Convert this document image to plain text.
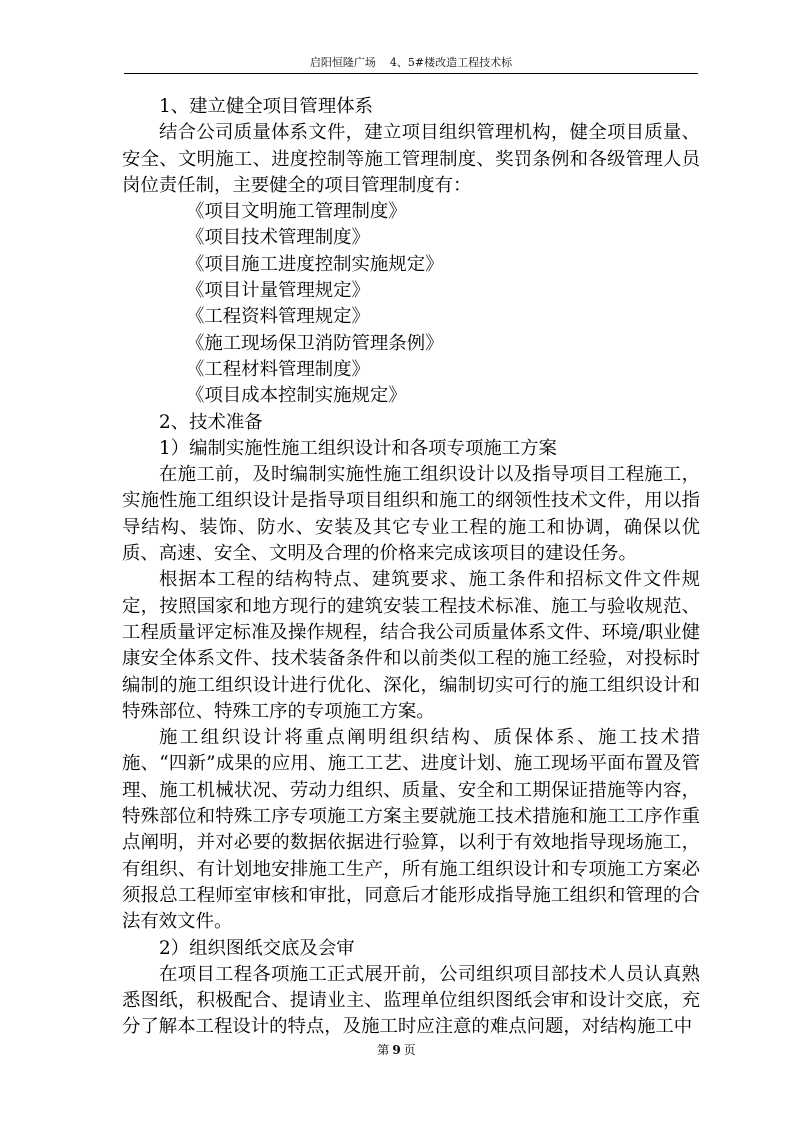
启阳恒隆广场 4、5#楼改造工程技术标

1、建立健全项目管理体系

结合公司质量体系文件，建立项目组织管理机构，健全项目质量、安全、文明施工、进度控制等施工管理制度、奖罚条例和各级管理人员岗位责任制，主要健全的项目管理制度有：

《项目文明施工管理制度》

《项目技术管理制度》

《项目施工进度控制实施规定》

《项目计量管理规定》

《工程资料管理规定》

《施工现场保卫消防管理条例》

《工程材料管理制度》

《项目成本控制实施规定》

2、技术准备

1）编制实施性施工组织设计和各项专项施工方案

在施工前，及时编制实施性施工组织设计以及指导项目工程施工，实施性施工组织设计是指导项目组织和施工的纲领性技术文件，用以指导结构、装饰、防水、安装及其它专业工程的施工和协调，确保以优质、高速、安全、文明及合理的价格来完成该项目的建设任务。

根据本工程的结构特点、建筑要求、施工条件和招标文件文件规定，按照国家和地方现行的建筑安装工程技术标准、施工与验收规范、工程质量评定标准及操作规程，结合我公司质量体系文件、环境/职业健康安全体系文件、技术装备条件和以前类似工程的施工经验，对投标时编制的施工组织设计进行优化、深化，编制切实可行的施工组织设计和特殊部位、特殊工序的专项施工方案。

施工组织设计将重点阐明组织结构、质保体系、施工技术措施、“四新”成果的应用、施工工艺、进度计划、施工现场平面布置及管理、施工机械状况、劳动力组织、质量、安全和工期保证措施等内容，特殊部位和特殊工序专项施工方案主要就施工技术措施和施工工序作重点阐明，并对必要的数据依据进行验算，以利于有效地指导现场施工，有组织、有计划地安排施工生产，所有施工组织设计和专项施工方案必须报总工程师室审核和审批，同意后才能形成指导施工组织和管理的合法有效文件。

2）组织图纸交底及会审

在项目工程各项施工正式展开前，公司组织项目部技术人员认真熟悉图纸，积极配合、提请业主、监理单位组织图纸会审和设计交底，充分了解本工程设计的特点，及施工时应注意的难点问题，对结构施工中

第 9 页
